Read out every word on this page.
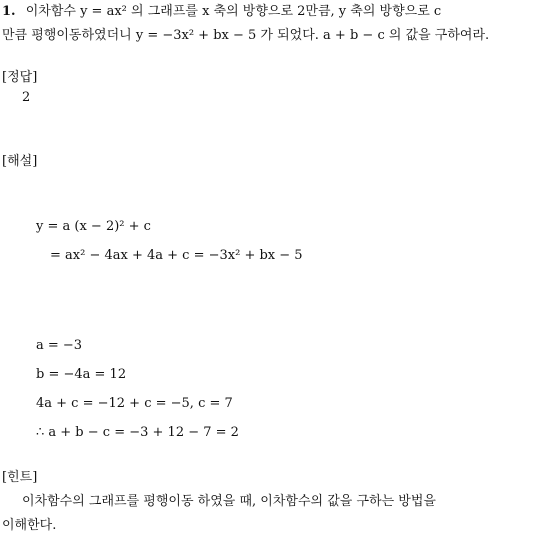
1. 이차함수 y = ax² 의 그래프를 x 축의 방향으로 2만큼, y 축의 방향으로 c
만큼 평행이동하였더니 y = −3x² + bx − 5 가 되었다. a + b − c 의 값을 구하여라.
[정답]
2
[해설]
y = a (x − 2)² + c
= ax² − 4ax + 4a + c = −3x² + bx − 5
a = −3
b = −4a = 12
4a + c = −12 + c = −5, c = 7
∴ a + b − c = −3 + 12 − 7 = 2
[힌트]
이차함수의 그래프를 평행이동 하였을 때, 이차함수의 값을 구하는 방법을
이해한다.
